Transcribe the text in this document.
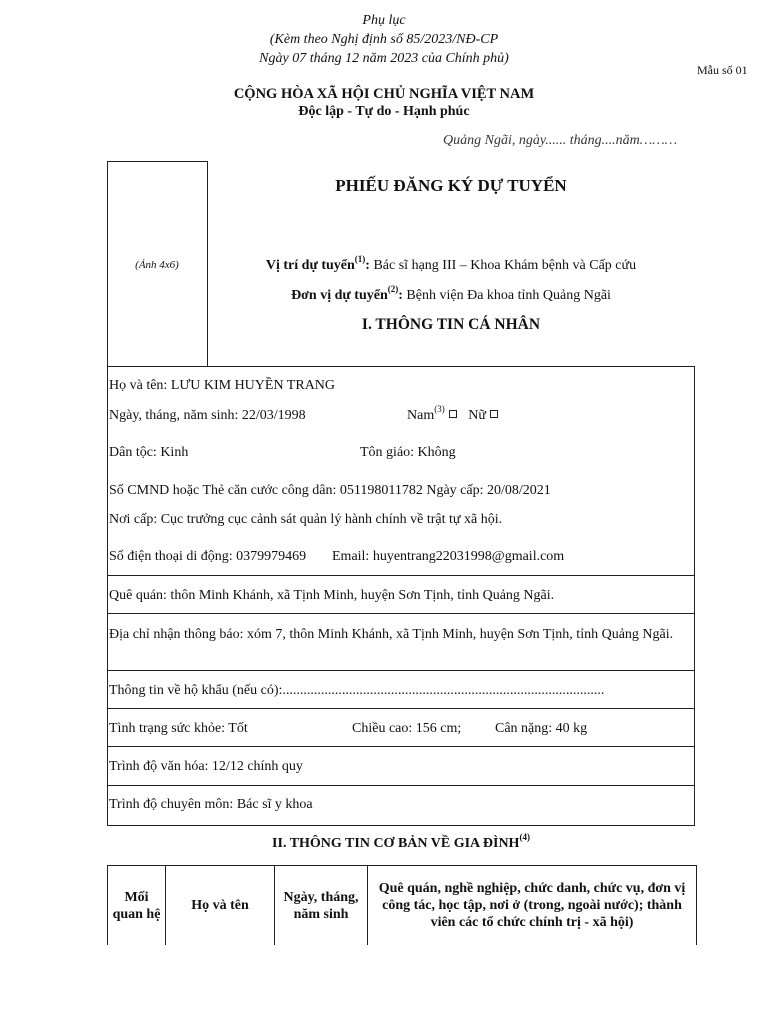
Phụ lục
(Kèm theo Nghị định số 85/2023/NĐ-CP
Ngày 07 tháng 12 năm 2023 của Chính phủ)
Mẫu số 01
CỘNG HÒA XÃ HỘI CHỦ NGHĨA VIỆT NAM
Độc lập - Tự do - Hạnh phúc
Quảng Ngãi, ngày...... tháng....năm………
(Ảnh 4x6)
PHIẾU ĐĂNG KÝ DỰ TUYỂN
Vị trí dự tuyển$^{(1)}$: Bác sĩ hạng III – Khoa Khám bệnh và Cấp cứu
Đơn vị dự tuyển$^{(2)}$: Bệnh viện Đa khoa tỉnh Quảng Ngãi
I. THÔNG TIN CÁ NHÂN
Họ và tên: LƯU KIM HUYỀN TRANG
Ngày, tháng, năm sinh: 22/03/1998	Nam$^{(3)}$ Nữ
Dân tộc: Kinh	Tôn giáo: Không
Số CMND hoặc Thẻ căn cước công dân: 051198011782 Ngày cấp: 20/08/2021
Nơi cấp: Cục trưởng cục cảnh sát quản lý hành chính về trật tự xã hội.
Số điện thoại di động: 0379979469 Email: huyentrang22031998@gmail.com
Quê quán: thôn Minh Khánh, xã Tịnh Minh, huyện Sơn Tịnh, tỉnh Quảng Ngãi.
Địa chỉ nhận thông báo: xóm 7, thôn Minh Khánh, xã Tịnh Minh, huyện Sơn Tịnh, tỉnh Quảng Ngãi.
Thông tin về hộ khẩu (nếu có):............................................................................................
Tình trạng sức khỏe: Tốt	Chiều cao: 156 cm; Cân nặng: 40 kg
Trình độ văn hóa: 12/12 chính quy
Trình độ chuyên môn: Bác sĩ y khoa
II. THÔNG TIN CƠ BẢN VỀ GIA ĐÌNH$^{(4)}$
Mối quan hệ	Họ và tên	Ngày, tháng, năm sinh	Quê quán, nghề nghiệp, chức danh, chức vụ, đơn vị công tác, học tập, nơi ở (trong, ngoài nước); thành viên các tổ chức chính trị - xã hội)
